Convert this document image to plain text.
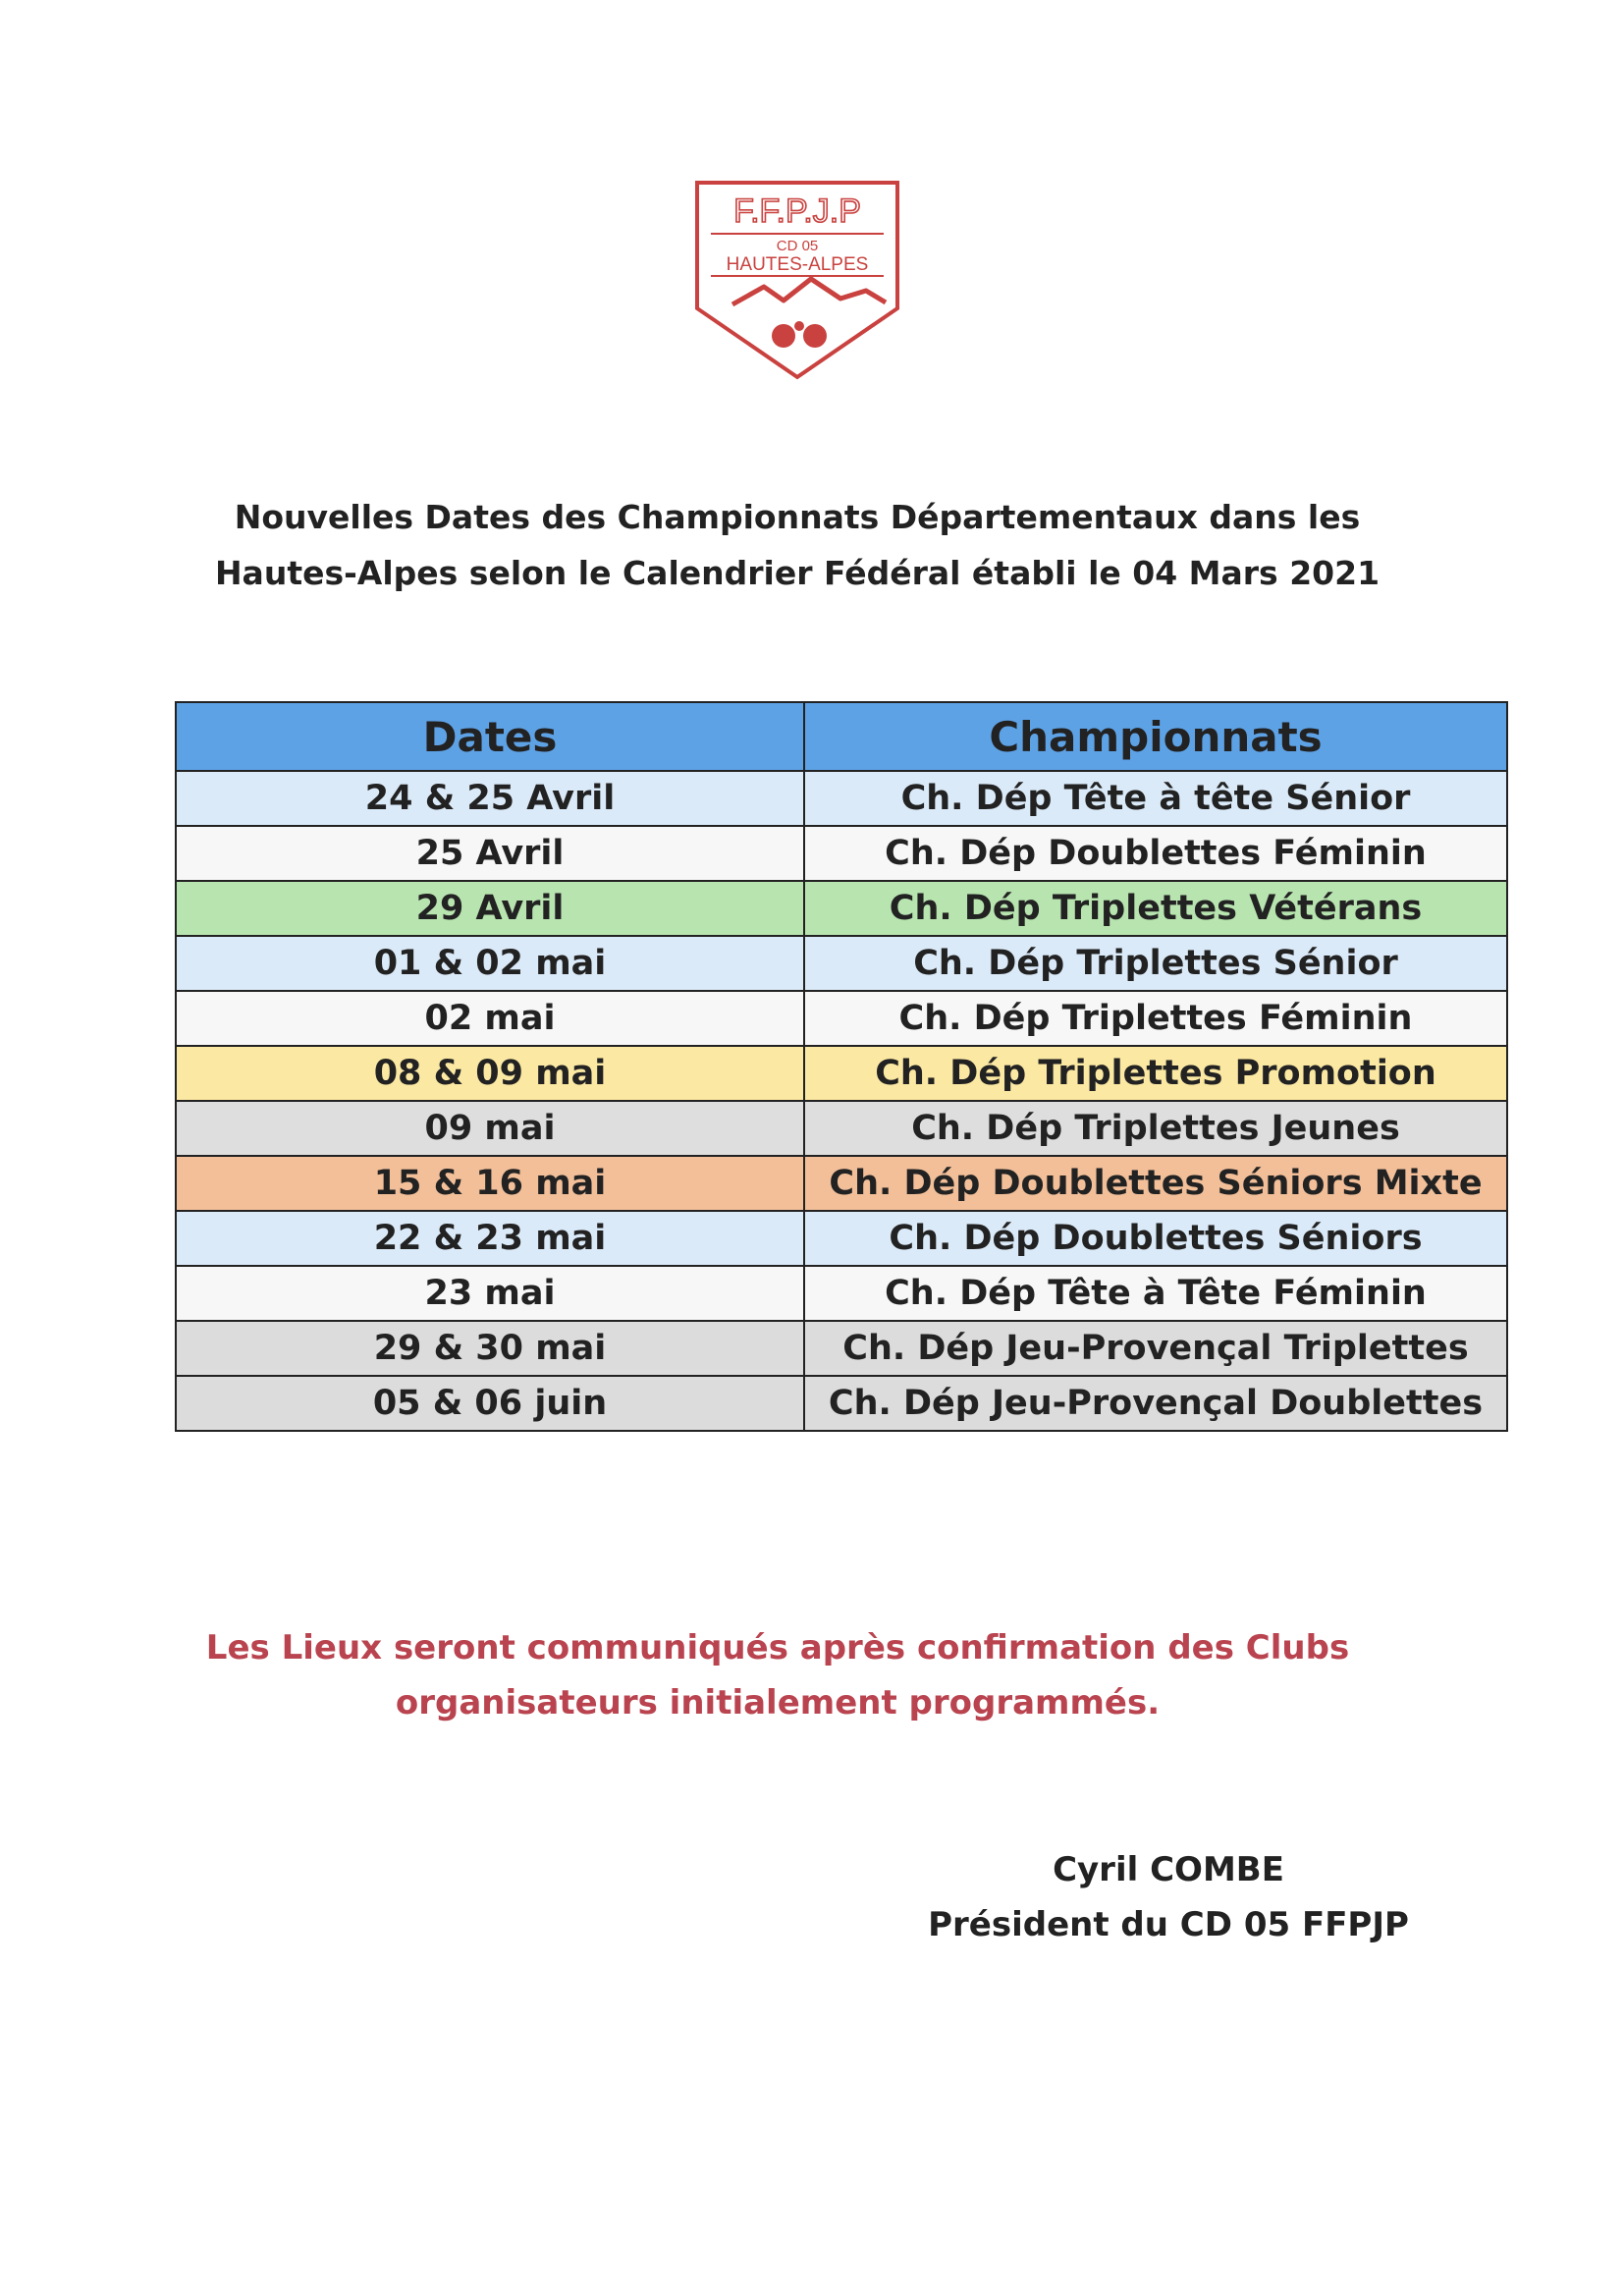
F.F.P.J.P
CD 05
HAUTES-ALPES
Nouvelles Dates des Championnats Départementaux dans les
Hautes-Alpes selon le Calendrier Fédéral établi le 04 Mars 2021
Dates	Championnats
24 & 25 Avril	Ch. Dép Tête à tête Sénior
25 Avril	Ch. Dép Doublettes Féminin
29 Avril	Ch. Dép Triplettes Vétérans
01 & 02 mai	Ch. Dép Triplettes Sénior
02 mai	Ch. Dép Triplettes Féminin
08 & 09 mai	Ch. Dép Triplettes Promotion
09 mai	Ch. Dép Triplettes Jeunes
15 & 16 mai	Ch. Dép Doublettes Séniors Mixte
22 & 23 mai	Ch. Dép Doublettes Séniors
23 mai	Ch. Dép Tête à Tête Féminin
29 & 30 mai	Ch. Dép Jeu-Provençal Triplettes
05 & 06 juin	Ch. Dép Jeu-Provençal Doublettes
Les Lieux seront communiqués après confirmation des Clubs
organisateurs initialement programmés.
Cyril COMBE
Président du CD 05 FFPJP
